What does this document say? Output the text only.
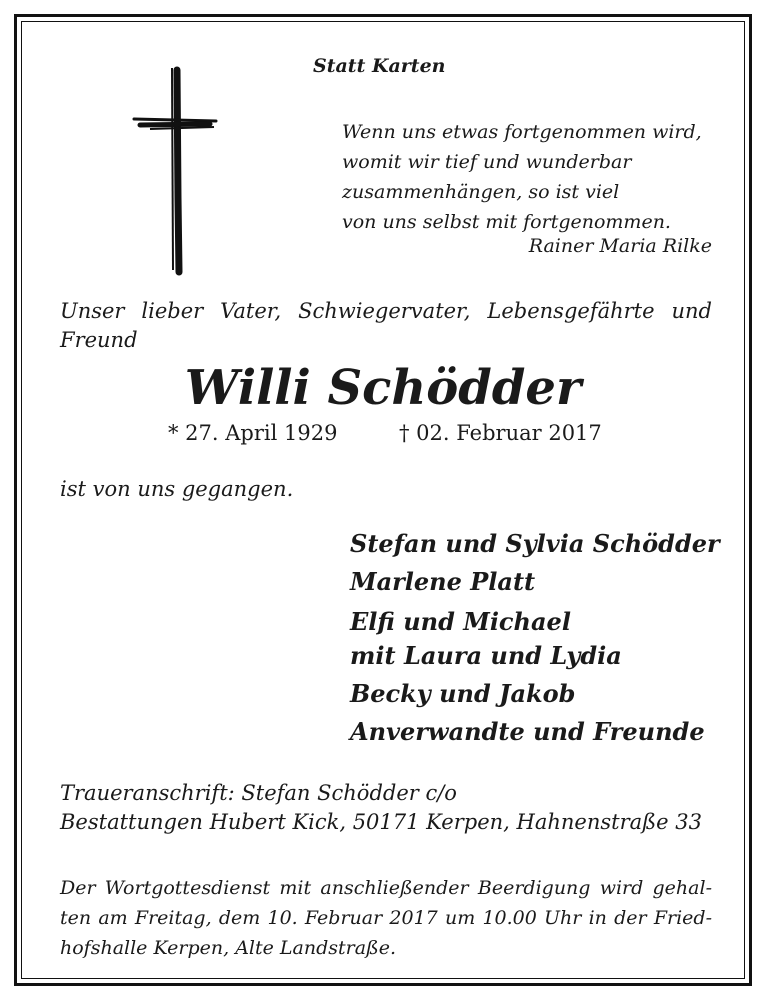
Statt Karten
Wenn uns etwas fortgenommen wird,
womit wir tief und wunderbar
zusammenhängen, so ist viel
von uns selbst mit fortgenommen.
Rainer Maria Rilke
Unser lieber Vater, Schwiegervater, Lebensgefährte und
Freund
Willi Schödder
* 27. April 1929	† 02. Februar 2017
ist von uns gegangen.
Stefan und Sylvia Schödder
Marlene Platt
Elfi und Michael
mit Laura und Lydia
Becky und Jakob
Anverwandte und Freunde
Traueranschrift: Stefan Schödder c/o
Bestattungen Hubert Kick, 50171 Kerpen, Hahnenstraße 33
Der Wortgottesdienst mit anschließender Beerdigung wird gehal-
ten am Freitag, dem 10. Februar 2017 um 10.00 Uhr in der Fried-
hofshalle Kerpen, Alte Landstraße.
